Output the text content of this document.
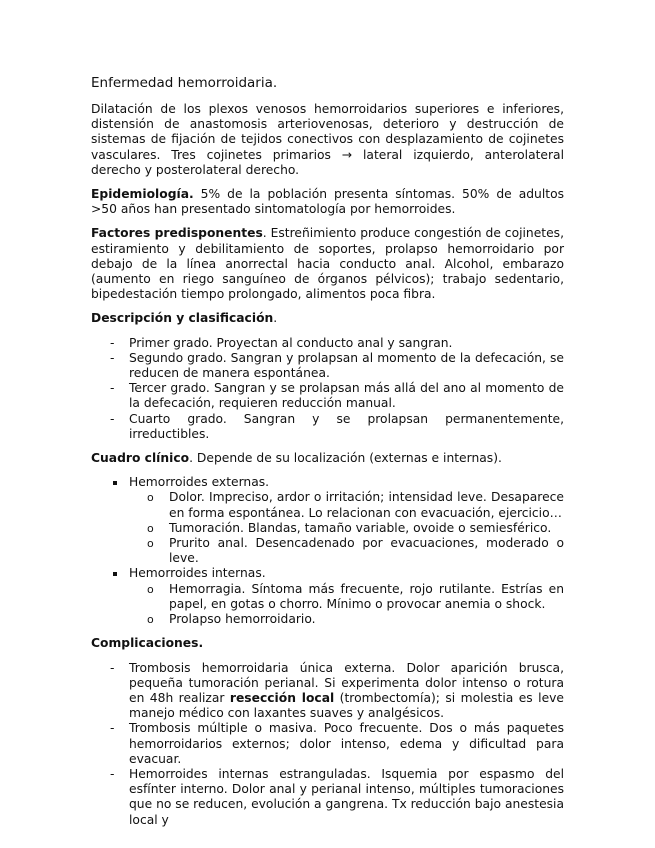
Enfermedad hemorroidaria.

Dilatación de los plexos venosos hemorroidarios superiores e inferiores, distensión de anastomosis arteriovenosas, deterioro y destrucción de sistemas de fijación de tejidos conectivos con desplazamiento de cojinetes vasculares. Tres cojinetes primarios → lateral izquierdo, anterolateral derecho y posterolateral derecho.

Epidemiología. 5% de la población presenta síntomas. 50% de adultos >50 años han presentado sintomatología por hemorroides.

Factores predisponentes. Estreñimiento produce congestión de cojinetes, estiramiento y debilitamiento de soportes, prolapso hemorroidario por debajo de la línea anorrectal hacia conducto anal. Alcohol, embarazo (aumento en riego sanguíneo de órganos pélvicos); trabajo sedentario, bipedestación tiempo prolongado, alimentos poca fibra.

Descripción y clasificación.
- Primer grado. Proyectan al conducto anal y sangran.
- Segundo grado. Sangran y prolapsan al momento de la defecación, se reducen de manera espontánea.
- Tercer grado. Sangran y se prolapsan más allá del ano al momento de la defecación, requieren reducción manual.
- Cuarto grado. Sangran y se prolapsan permanentemente, irreductibles.
Cuadro clínico. Depende de su localización (externas e internas).
Hemorroides externas.
o Dolor. Impreciso, ardor o irritación; intensidad leve. Desaparece en forma espontánea. Lo relacionan con evacuación, ejercicio…
o Tumoración. Blandas, tamaño variable, ovoide o semiesférico.
o Prurito anal. Desencadenado por evacuaciones, moderado o leve.
Hemorroides internas.
o Hemorragia. Síntoma más frecuente, rojo rutilante. Estrías en papel, en gotas o chorro. Mínimo o provocar anemia o shock.
o Prolapso hemorroidario.
Complicaciones.
- Trombosis hemorroidaria única externa. Dolor aparición brusca, pequeña tumoración perianal. Si experimenta dolor intenso o rotura en 48h realizar resección local (trombectomía); si molestia es leve manejo médico con laxantes suaves y analgésicos.
- Trombosis múltiple o masiva. Poco frecuente. Dos o más paquetes hemorroidarios externos; dolor intenso, edema y dificultad para evacuar.
- Hemorroides internas estranguladas. Isquemia por espasmo del esfínter interno. Dolor anal y perianal intenso, múltiples tumoraciones que no se reducen, evolución a gangrena. Tx reducción bajo anestesia local y
